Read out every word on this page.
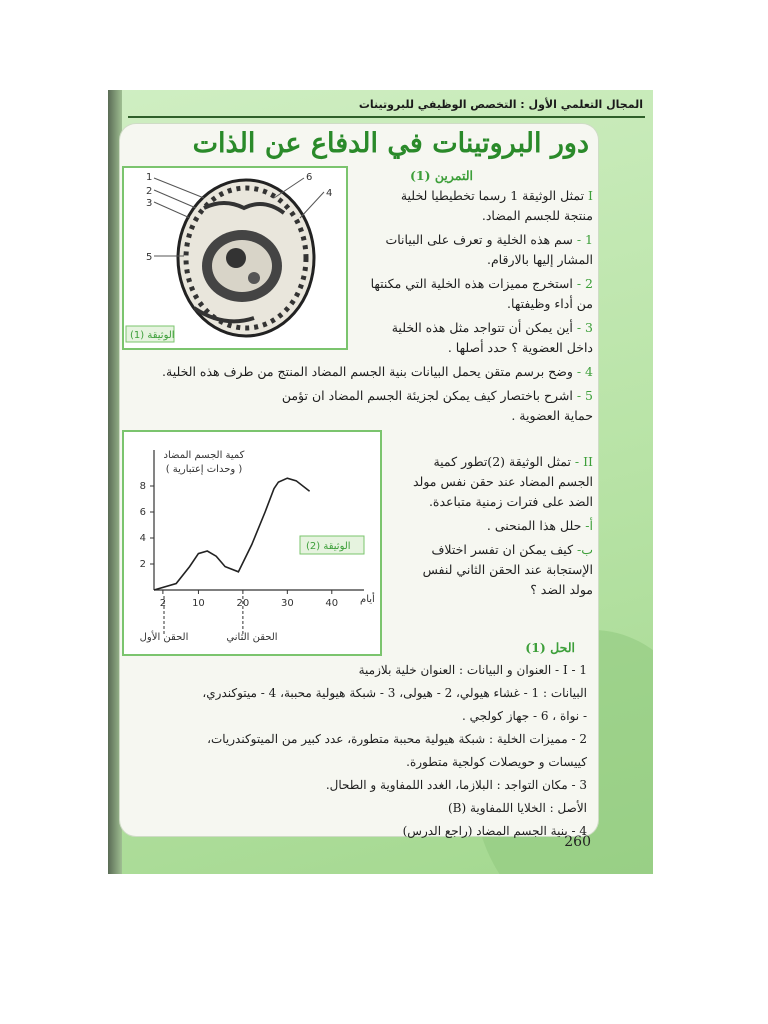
المجال التعلمي الأول : التخصص الوظيفي للبروتينات
دور البروتينات في الدفاع عن الذات
1
2
3
4
5
6
الوثيقة (1)
التمرين (1)
I تمثل الوثيقة 1 رسما تخطيطيا لخلية
منتجة للجسم المضاد.
1 - سم هذه الخلية و تعرف على البيانات
المشار إليها بالارقام.
2 - استخرج مميزات هذه الخلية التي مكنتها
من أداء وظيفتها.
3 - أين يمكن أن تتواجد مثل هذه الخلية
داخل العضوية ؟ حدد أصلها .
4 - وضح برسم متقن يحمل البيانات بنية الجسم المضاد المنتج من طرف هذه الخلية.
5 - اشرح باختصار كيف يمكن لجزيئة الجسم المضاد ان تؤمن
حماية العضوية .
كمية الجسم المضاد
( وحدات إعتبارية )
الوثيقة (2)
أيام
الحقن الأول	الحقن الثاني
2	10	20	30	40
2
4
6
8
II - تمثل الوثيقة (2)تطور كمية
الجسم المضاد عند حقن نفس مولد
الضد على فترات زمنية متباعدة.
أ- حلل هذا المنحنى .
ب- كيف يمكن ان تفسر اختلاف
الإستجابة عند الحقن الثاني لنفس
مولد الضد ؟
الحل (1)
I - 1 - العنوان و البيانات : العنوان خلية بلازمية
البيانات : 1 - غشاء هيولي، 2 - هيولى، 3 - شبكة هيولية محببة، 4 - ميتوكندري،
- نواة ، 6 - جهاز كولجي .
2 - مميزات الخلية : شبكة هيولية محببة متطورة، عدد كبير من الميتوكندريات،
كييسات و حويصلات كولجية متطورة.
3 - مكان التواجد : البلازما، الغدد اللمفاوية و الطحال.
الأصل : الخلايا اللمفاوية (B)
4 - بنية الجسم المضاد (راجع الدرس)
260
